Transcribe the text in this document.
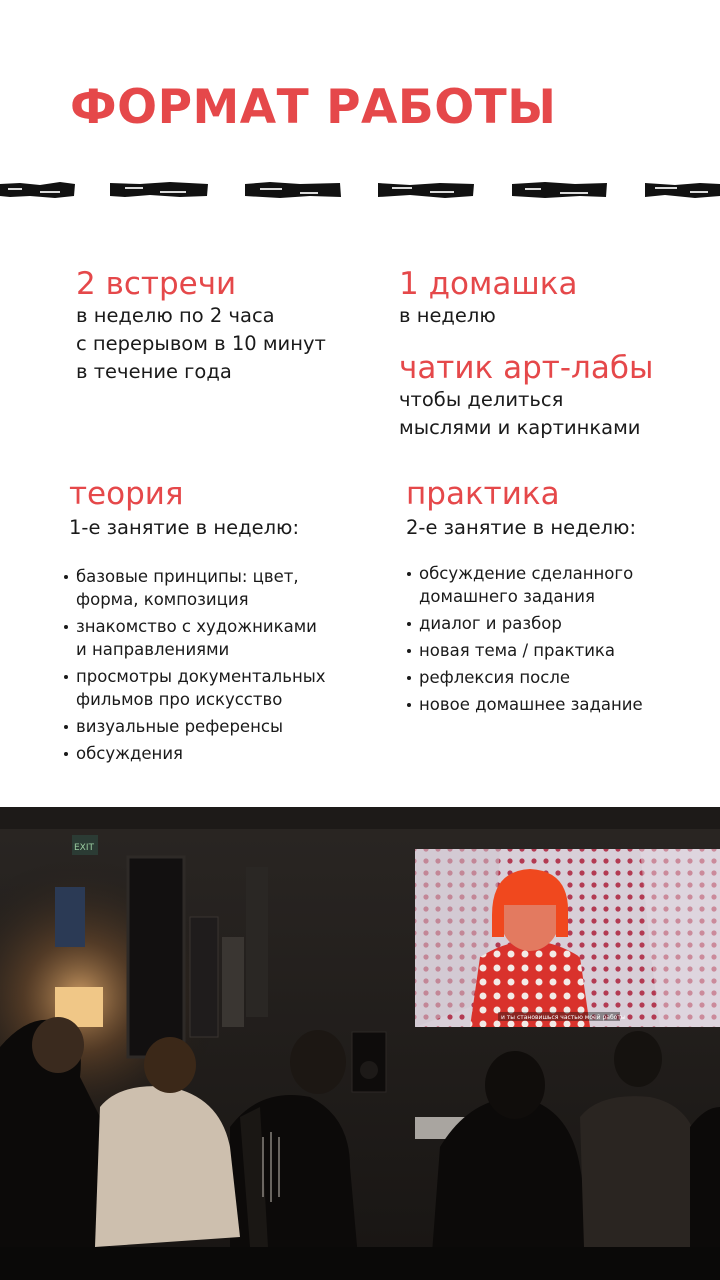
ФОРМАТ РАБОТЫ

2 встречи

в неделю по 2 часа

с перерывом в 10 минут

в течение года

1 домашка

в неделю

чатик арт-лабы

чтобы делиться

мыслями и картинками

теория

1-е занятие в неделю:

базовые принципы: цвет,
форма, композиция
знакомство с художниками
и направлениями
просмотры документальных
фильмов про искусство
визуальные референсы
обсуждения

практика

2-е занятие в неделю:

обсуждение сделанного
домашнего задания
диалог и разбор
новая тема / практика
рефлексия после
новое домашнее задание
EXIT
и ты становишься частью моей работы
